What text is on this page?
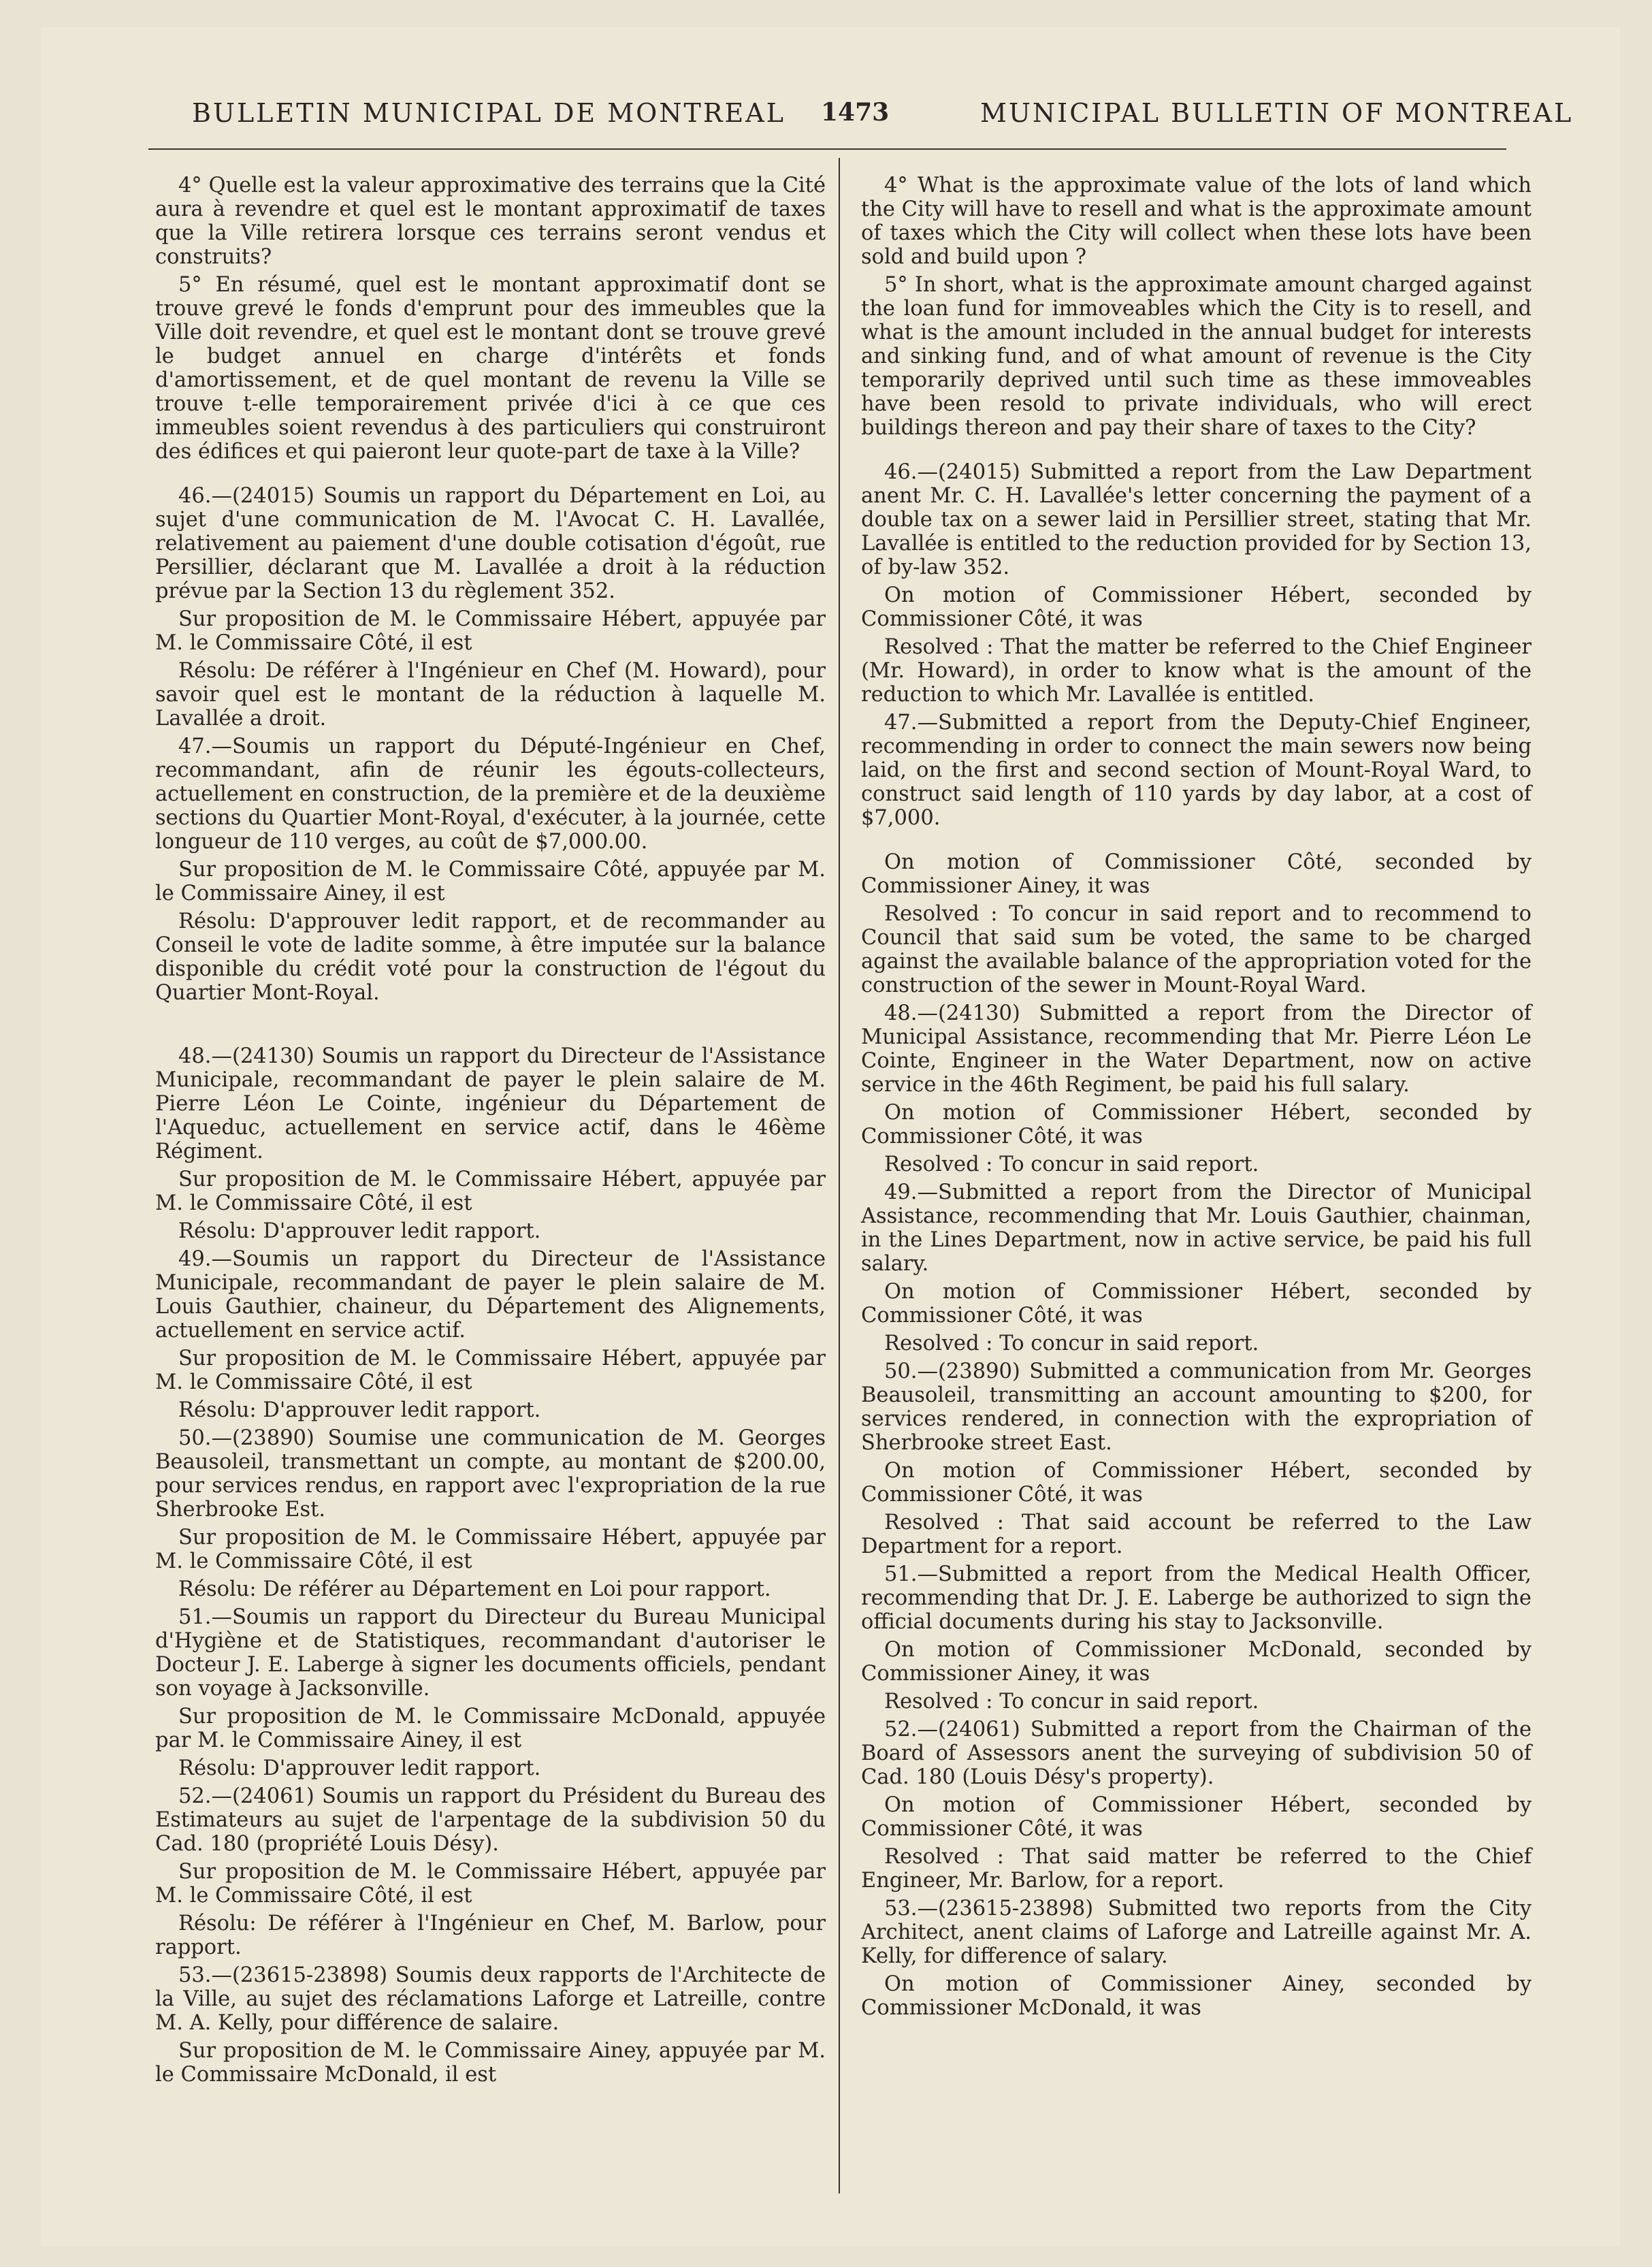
BULLETIN MUNICIPAL DE MONTREAL 1473	MUNICIPAL BULLETIN OF MONTREAL

4° Quelle est la valeur approximative des terrains que la Cité aura à revendre et quel est le montant approximatif de taxes que la Ville retirera lorsque ces terrains seront vendus et construits?

5° En résumé, quel est le montant approximatif dont se trouve grevé le fonds d'emprunt pour des immeubles que la Ville doit revendre, et quel est le montant dont se trouve grevé le budget annuel en charge d'intérêts et fonds d'amortissement, et de quel montant de revenu la Ville se trouve t-elle temporairement privée d'ici à ce que ces immeubles soient revendus à des particuliers qui construiront des édifices et qui paieront leur quote-part de taxe à la Ville?

46.—(24015) Soumis un rapport du Département en Loi, au sujet d'une communication de M. l'Avocat C. H. Lavallée, relativement au paiement d'une double cotisation d'égoût, rue Persillier, déclarant que M. Lavallée a droit à la réduction prévue par la Section 13 du règlement 352.

Sur proposition de M. le Commissaire Hébert, appuyée par M. le Commissaire Côté, il est

Résolu: De référer à l'Ingénieur en Chef (M. Howard), pour savoir quel est le montant de la réduction à laquelle M. Lavallée a droit.

47.—Soumis un rapport du Député-Ingénieur en Chef, recommandant, afin de réunir les égouts-collecteurs, actuellement en construction, de la première et de la deuxième sections du Quartier Mont-Royal, d'exécuter, à la journée, cette longueur de 110 verges, au coût de $7,000.00.

Sur proposition de M. le Commissaire Côté, appuyée par M. le Commissaire Ainey, il est

Résolu: D'approuver ledit rapport, et de recommander au Conseil le vote de ladite somme, à être imputée sur la balance disponible du crédit voté pour la construction de l'égout du Quartier Mont-Royal.

48.—(24130) Soumis un rapport du Directeur de l'Assistance Municipale, recommandant de payer le plein salaire de M. Pierre Léon Le Cointe, ingénieur du Département de l'Aqueduc, actuellement en service actif, dans le 46ème Régiment.

Sur proposition de M. le Commissaire Hébert, appuyée par M. le Commissaire Côté, il est

Résolu: D'approuver ledit rapport.

49.—Soumis un rapport du Directeur de l'Assistance Municipale, recommandant de payer le plein salaire de M. Louis Gauthier, chaineur, du Département des Alignements, actuellement en service actif.

Sur proposition de M. le Commissaire Hébert, appuyée par M. le Commissaire Côté, il est

Résolu: D'approuver ledit rapport.

50.—(23890) Soumise une communication de M. Georges Beausoleil, transmettant un compte, au montant de $200.00, pour services rendus, en rapport avec l'expropriation de la rue Sherbrooke Est.

Sur proposition de M. le Commissaire Hébert, appuyée par M. le Commissaire Côté, il est

Résolu: De référer au Département en Loi pour rapport.

51.—Soumis un rapport du Directeur du Bureau Municipal d'Hygiène et de Statistiques, recommandant d'autoriser le Docteur J. E. Laberge à signer les documents officiels, pendant son voyage à Jacksonville.

Sur proposition de M. le Commissaire McDonald, appuyée par M. le Commissaire Ainey, il est

Résolu: D'approuver ledit rapport.

52.—(24061) Soumis un rapport du Président du Bureau des Estimateurs au sujet de l'arpentage de la subdivision 50 du Cad. 180 (propriété Louis Désy).

Sur proposition de M. le Commissaire Hébert, appuyée par M. le Commissaire Côté, il est

Résolu: De référer à l'Ingénieur en Chef, M. Barlow, pour rapport.

53.—(23615-23898) Soumis deux rapports de l'Architecte de la Ville, au sujet des réclamations Laforge et Latreille, contre M. A. Kelly, pour différence de salaire.

Sur proposition de M. le Commissaire Ainey, appuyée par M. le Commissaire McDonald, il est

4° What is the approximate value of the lots of land which the City will have to resell and what is the approximate amount of taxes which the City will collect when these lots have been sold and build upon ?

5° In short, what is the approximate amount charged against the loan fund for immoveables which the City is to resell, and what is the amount included in the annual budget for interests and sinking fund, and of what amount of revenue is the City temporarily deprived until such time as these immoveables have been resold to private individuals, who will erect buildings thereon and pay their share of taxes to the City?

46.—(24015) Submitted a report from the Law Department anent Mr. C. H. Lavallée's letter concerning the payment of a double tax on a sewer laid in Persillier street, stating that Mr. Lavallée is entitled to the reduction provided for by Section 13, of by-law 352.

On motion of Commissioner Hébert, seconded by Commissioner Côté, it was

Resolved : That the matter be referred to the Chief Engineer (Mr. Howard), in order to know what is the amount of the reduction to which Mr. Lavallée is entitled.

47.—Submitted a report from the Deputy-Chief Engineer, recommending in order to connect the main sewers now being laid, on the first and second section of Mount-Royal Ward, to construct said length of 110 yards by day labor, at a cost of $7,000.

On motion of Commissioner Côté, seconded by Commissioner Ainey, it was

Resolved : To concur in said report and to recommend to Council that said sum be voted, the same to be charged against the available balance of the appropriation voted for the construction of the sewer in Mount-Royal Ward.

48.—(24130) Submitted a report from the Director of Municipal Assistance, recommending that Mr. Pierre Léon Le Cointe, Engineer in the Water Department, now on active service in the 46th Regiment, be paid his full salary.

On motion of Commissioner Hébert, seconded by Commissioner Côté, it was

Resolved : To concur in said report.

49.—Submitted a report from the Director of Municipal Assistance, recommending that Mr. Louis Gauthier, chainman, in the Lines Department, now in active service, be paid his full salary.

On motion of Commissioner Hébert, seconded by Commissioner Côté, it was

Resolved : To concur in said report.

50.—(23890) Submitted a communication from Mr. Georges Beausoleil, transmitting an account amounting to $200, for services rendered, in connection with the expropriation of Sherbrooke street East.

On motion of Commissioner Hébert, seconded by Commissioner Côté, it was

Resolved : That said account be referred to the Law Department for a report.

51.—Submitted a report from the Medical Health Officer, recommending that Dr. J. E. Laberge be authorized to sign the official documents during his stay to Jacksonville.

On motion of Commissioner McDonald, seconded by Commissioner Ainey, it was

Resolved : To concur in said report.

52.—(24061) Submitted a report from the Chairman of the Board of Assessors anent the surveying of subdivision 50 of Cad. 180 (Louis Désy's property).

On motion of Commissioner Hébert, seconded by Commissioner Côté, it was

Resolved : That said matter be referred to the Chief Engineer, Mr. Barlow, for a report.

53.—(23615-23898) Submitted two reports from the City Architect, anent claims of Laforge and Latreille against Mr. A. Kelly, for difference of salary.

On motion of Commissioner Ainey, seconded by Commissioner McDonald, it was
